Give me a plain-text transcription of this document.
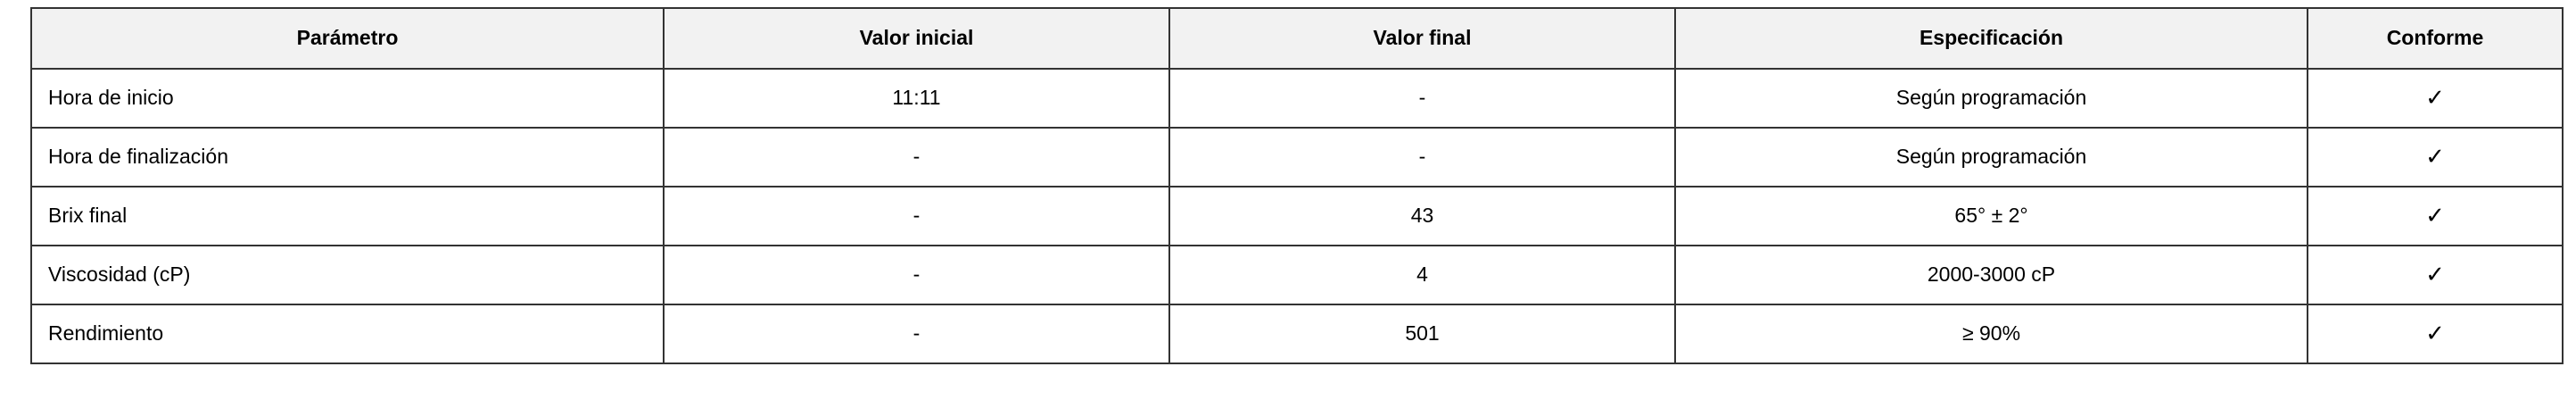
Parámetro	Valor inicial	Valor final	Especificación	Conforme
Hora de inicio	11:11	-	Según programación	✓
Hora de finalización	-	-	Según programación	✓
Brix final	-	43	65° ± 2°	✓
Viscosidad (cP)	-	4	2000-3000 cP	✓
Rendimiento	-	501	≥ 90%	✓
